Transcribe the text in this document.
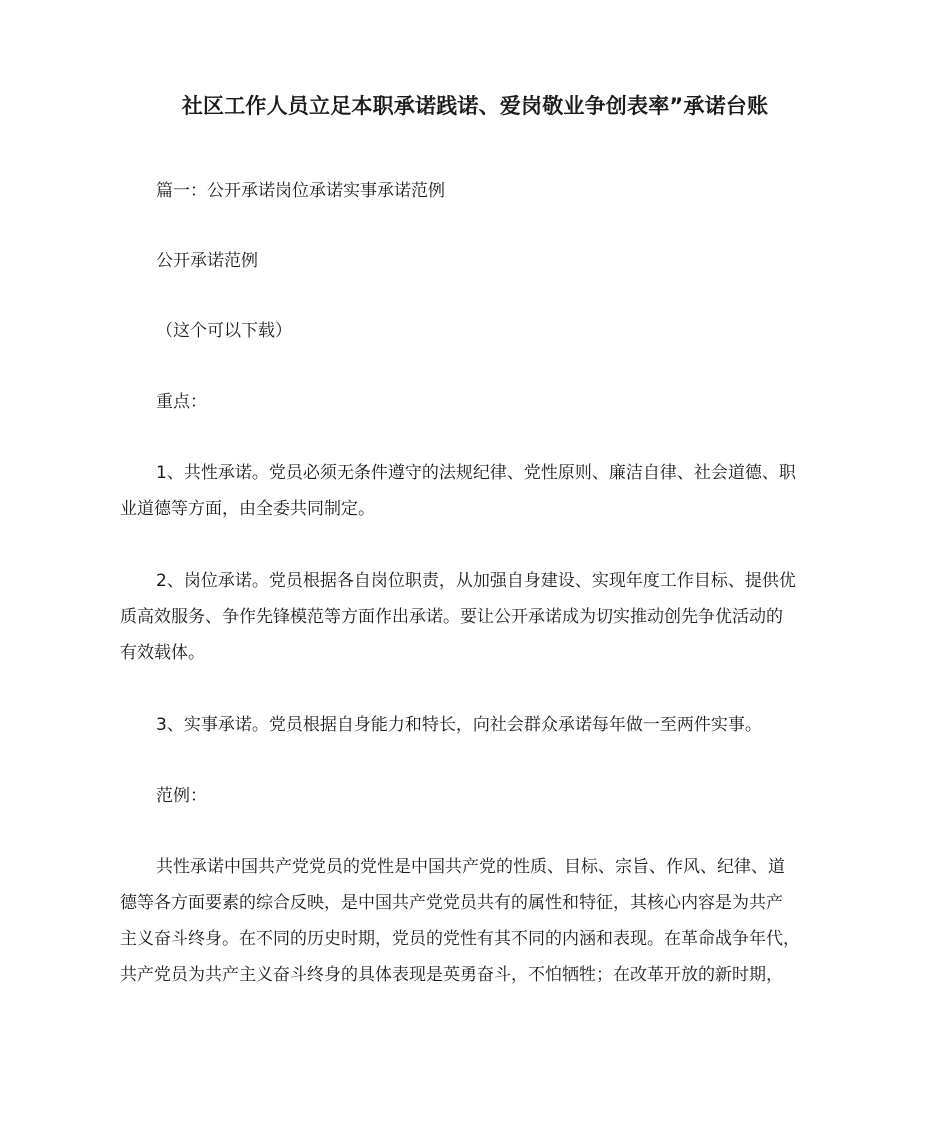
社区工作人员立足本职承诺践诺、爱岗敬业争创表率”承诺台账

篇一：公开承诺岗位承诺实事承诺范例

公开承诺范例

（这个可以下载）

重点：

1、共性承诺。党员必须无条件遵守的法规纪律、党性原则、廉洁自律、社会道德、职
业道德等方面，由全委共同制定。

2、岗位承诺。党员根据各自岗位职责，从加强自身建设、实现年度工作目标、提供优
质高效服务、争作先锋模范等方面作出承诺。要让公开承诺成为切实推动创先争优活动的
有效载体。

3、实事承诺。党员根据自身能力和特长，向社会群众承诺每年做一至两件实事。

范例：

共性承诺中国共产党党员的党性是中国共产党的性质、目标、宗旨、作风、纪律、道
德等各方面要素的综合反映，是中国共产党党员共有的属性和特征，其核心内容是为共产
主义奋斗终身。在不同的历史时期，党员的党性有其不同的内涵和表现。在革命战争年代，
共产党员为共产主义奋斗终身的具体表现是英勇奋斗，不怕牺牲；在改革开放的新时期，
